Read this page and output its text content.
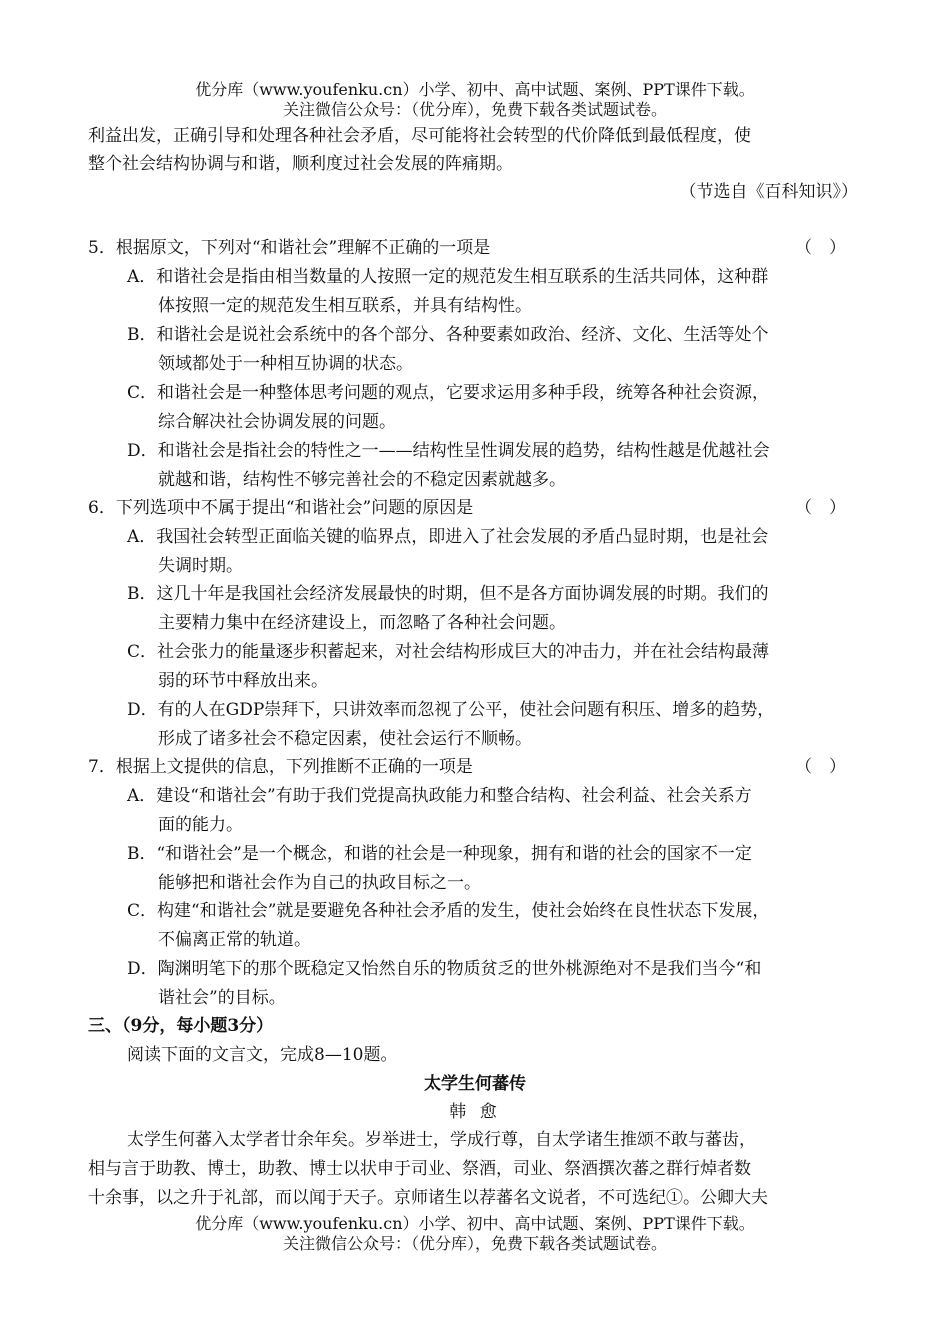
优分库（www.youfenku.cn）小学、初中、高中试题、案例、PPT课件下载。
关注微信公众号：（优分库），免费下载各类试题试卷。
利益出发，正确引导和处理各种社会矛盾，尽可能将社会转型的代价降低到最低程度，使
整个社会结构协调与和谐，顺利度过社会发展的阵痛期。
（节选自《百科知识》）
5．根据原文，下列对“和谐社会”理解不正确的一项是	（　）
A．和谐社会是指由相当数量的人按照一定的规范发生相互联系的生活共同体，这种群
体按照一定的规范发生相互联系，并具有结构性。
B．和谐社会是说社会系统中的各个部分、各种要素如政治、经济、文化、生活等处个
领域都处于一种相互协调的状态。
C．和谐社会是一种整体思考问题的观点，它要求运用多种手段，统筹各种社会资源，
综合解决社会协调发展的问题。
D．和谐社会是指社会的特性之一——结构性呈性调发展的趋势，结构性越是优越社会
就越和谐，结构性不够完善社会的不稳定因素就越多。
6．下列选项中不属于提出“和谐社会”问题的原因是	（　）
A．我国社会转型正面临关键的临界点，即进入了社会发展的矛盾凸显时期，也是社会
失调时期。
B．这几十年是我国社会经济发展最快的时期，但不是各方面协调发展的时期。我们的
主要精力集中在经济建设上，而忽略了各种社会问题。
C．社会张力的能量逐步积蓄起来，对社会结构形成巨大的冲击力，并在社会结构最薄
弱的环节中释放出来。
D．有的人在GDP崇拜下，只讲效率而忽视了公平，使社会问题有积压、增多的趋势，
形成了诸多社会不稳定因素，使社会运行不顺畅。
7．根据上文提供的信息，下列推断不正确的一项是	（　）
A．建设“和谐社会”有助于我们党提高执政能力和整合结构、社会利益、社会关系方
面的能力。
B．“和谐社会”是一个概念，和谐的社会是一种现象，拥有和谐的社会的国家不一定
能够把和谐社会作为自己的执政目标之一。
C．构建“和谐社会”就是要避免各种社会矛盾的发生，使社会始终在良性状态下发展，
不偏离正常的轨道。
D．陶渊明笔下的那个既稳定又怡然自乐的物质贫乏的世外桃源绝对不是我们当今“和
谐社会”的目标。
三、（9分，每小题3分）
阅读下面的文言文，完成8—10题。
太学生何蕃传
韩 愈
太学生何蕃入太学者廿余年矣。岁举进士，学成行尊，自太学诸生推颂不敢与蕃齿，
相与言于助教、博士，助教、博士以状申于司业、祭酒，司业、祭酒撰次蕃之群行焯者数
十余事，以之升于礼部，而以闻于天子。京师诸生以荐蕃名文说者，不可选纪①。公卿大夫
优分库（www.youfenku.cn）小学、初中、高中试题、案例、PPT课件下载。
关注微信公众号：（优分库），免费下载各类试题试卷。
